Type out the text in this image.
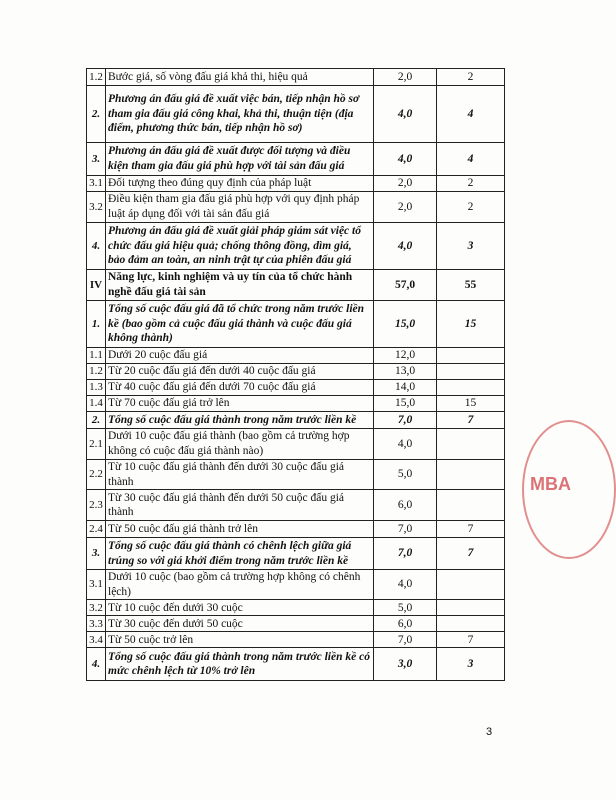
1.2	Bước giá, số vòng đấu giá khả thi, hiệu quả	2,0	2
2.	Phương án đấu giá đề xuất việc bán, tiếp nhận hồ sơ tham gia đấu giá công khai, khả thi, thuận tiện (địa điểm, phương thức bán, tiếp nhận hồ sơ)	4,0	4
3.	Phương án đấu giá đề xuất được đối tượng và điều kiện tham gia đấu giá phù hợp với tài sản đấu giá	4,0	4
3.1	Đối tượng theo đúng quy định của pháp luật	2,0	2
3.2	Điều kiện tham gia đấu giá phù hợp với quy định pháp luật áp dụng đối với tài sản đấu giá	2,0	2
4.	Phương án đấu giá đề xuất giải pháp giám sát việc tổ chức đấu giá hiệu quả; chống thông đồng, dìm giá, bảo đảm an toàn, an ninh trật tự của phiên đấu giá	4,0	3
IV	Năng lực, kinh nghiệm và uy tín của tổ chức hành nghề đấu giá tài sản	57,0	55
1.	Tổng số cuộc đấu giá đã tổ chức trong năm trước liền kề (bao gồm cả cuộc đấu giá thành và cuộc đấu giá không thành)	15,0	15
1.1	Dưới 20 cuộc đấu giá	12,0	
1.2	Từ 20 cuộc đấu giá đến dưới 40 cuộc đấu giá	13,0	
1.3	Từ 40 cuộc đấu giá đến dưới 70 cuộc đấu giá	14,0	
1.4	Từ 70 cuộc đấu giá trở lên	15,0	15
2.	Tổng số cuộc đấu giá thành trong năm trước liền kề	7,0	7
2.1	Dưới 10 cuộc đấu giá thành (bao gồm cả trường hợp không có cuộc đấu giá thành nào)	4,0	
2.2	Từ 10 cuộc đấu giá thành đến dưới 30 cuộc đấu giá thành	5,0	
2.3	Từ 30 cuộc đấu giá thành đến dưới 50 cuộc đấu giá thành	6,0	
2.4	Từ 50 cuộc đấu giá thành trở lên	7,0	7
3.	Tổng số cuộc đấu giá thành có chênh lệch giữa giá trúng so với giá khởi điểm trong năm trước liền kề	7,0	7
3.1	Dưới 10 cuộc (bao gồm cả trường hợp không có chênh lệch)	4,0	
3.2	Từ 10 cuộc đến dưới 30 cuộc	5,0	
3.3	Từ 30 cuộc đến dưới 50 cuộc	6,0	
3.4	Từ 50 cuộc trở lên	7,0	7
4.	Tổng số cuộc đấu giá thành trong năm trước liền kề có mức chênh lệch từ 10% trở lên	3,0	3
MBA
3
